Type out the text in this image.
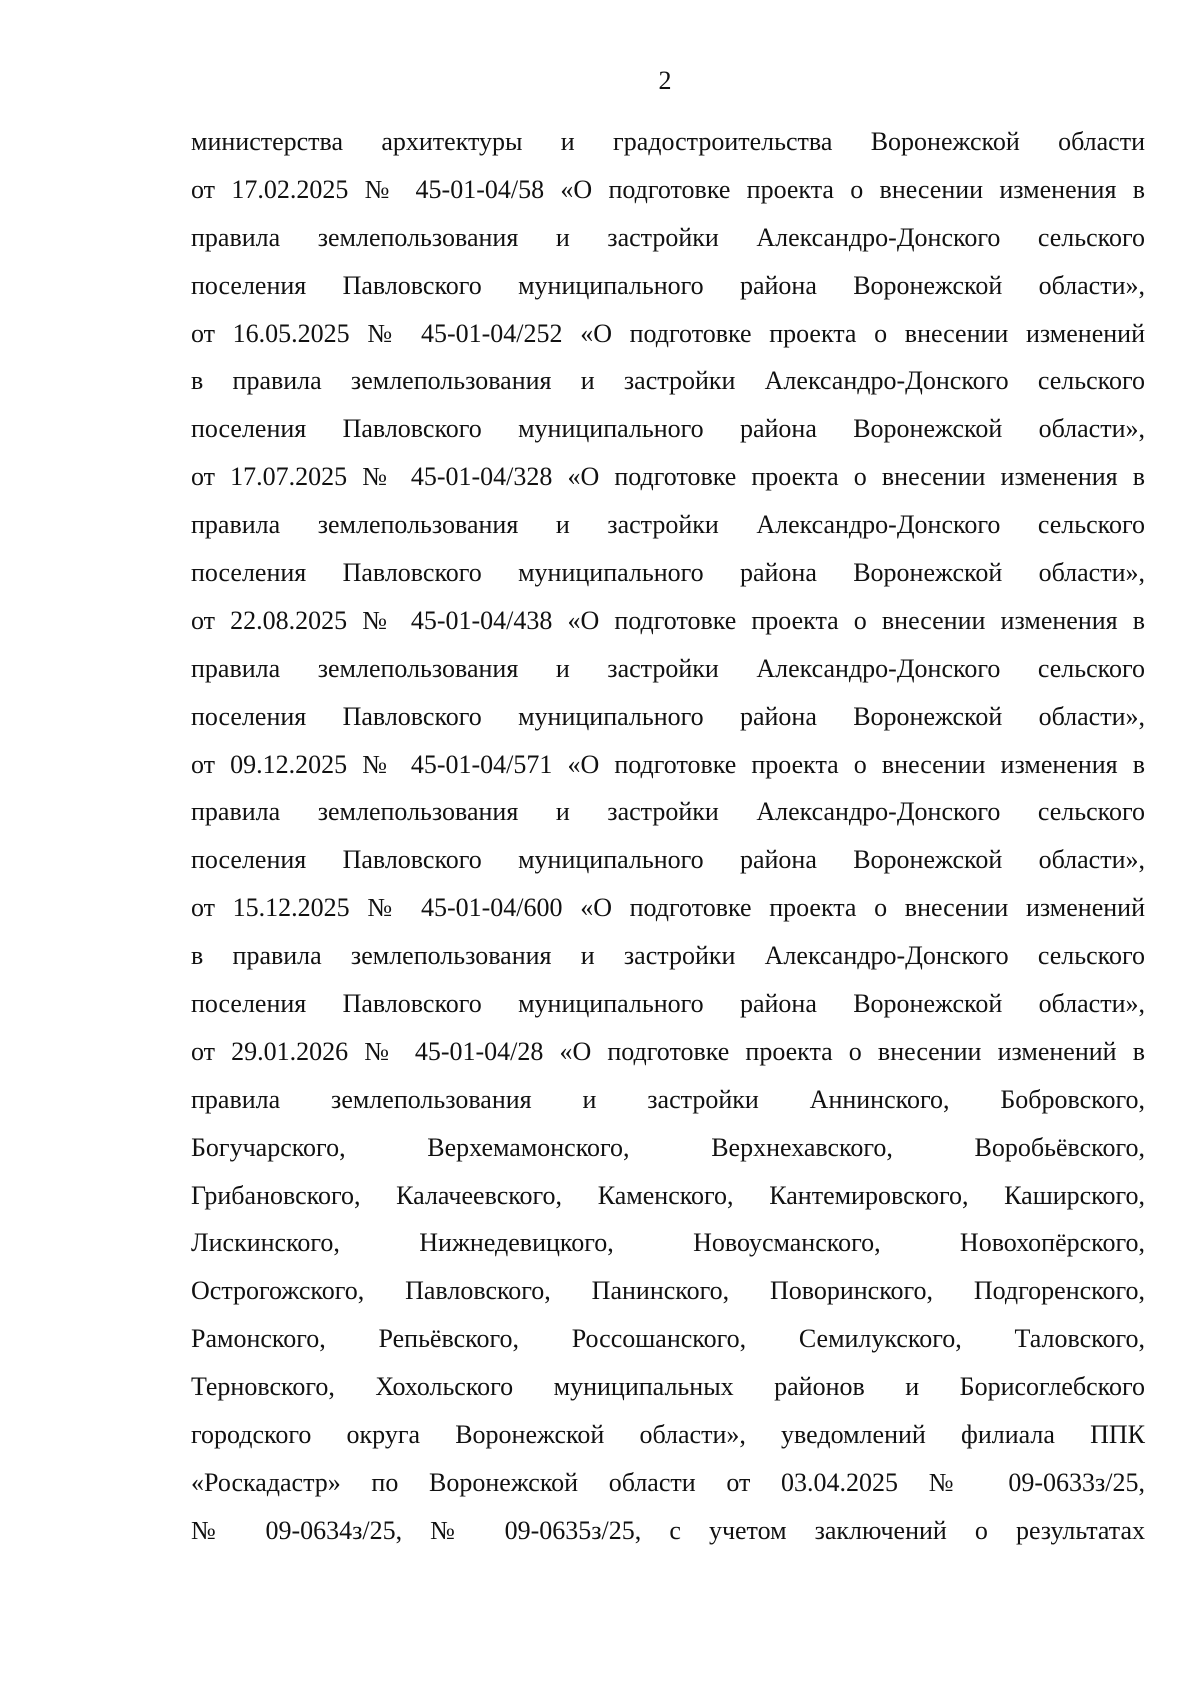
2
министерства архитектуры и градостроительства Воронежской области
от 17.02.2025 № 45-01-04/58 «О подготовке проекта о внесении изменения в
правила землепользования и застройки Александро-Донского сельского
поселения Павловского муниципального района Воронежской области»,
от 16.05.2025 № 45-01-04/252 «О подготовке проекта о внесении изменений
в правила землепользования и застройки Александро-Донского сельского
поселения Павловского муниципального района Воронежской области»,
от 17.07.2025 № 45-01-04/328 «О подготовке проекта о внесении изменения в
правила землепользования и застройки Александро-Донского сельского
поселения Павловского муниципального района Воронежской области»,
от 22.08.2025 № 45-01-04/438 «О подготовке проекта о внесении изменения в
правила землепользования и застройки Александро-Донского сельского
поселения Павловского муниципального района Воронежской области»,
от 09.12.2025 № 45-01-04/571 «О подготовке проекта о внесении изменения в
правила землепользования и застройки Александро-Донского сельского
поселения Павловского муниципального района Воронежской области»,
от 15.12.2025 № 45-01-04/600 «О подготовке проекта о внесении изменений
в правила землепользования и застройки Александро-Донского сельского
поселения Павловского муниципального района Воронежской области»,
от 29.01.2026 № 45-01-04/28 «О подготовке проекта о внесении изменений в
правила землепользования и застройки Аннинского, Бобровского,
Богучарского, Верхемамонского, Верхнехавского, Воробьёвского,
Грибановского, Калачеевского, Каменского, Кантемировского, Каширского,
Лискинского, Нижнедевицкого, Новоусманского, Новохопёрского,
Острогожского, Павловского, Панинского, Поворинского, Подгоренского,
Рамонского, Репьёвского, Россошанского, Семилукского, Таловского,
Терновского, Хохольского муниципальных районов и Борисоглебского
городского округа Воронежской области», уведомлений филиала ППК
«Роскадастр» по Воронежской области от 03.04.2025 № 09-0633з/25,
№ 09-0634з/25, № 09-0635з/25, с учетом заключений о результатах
